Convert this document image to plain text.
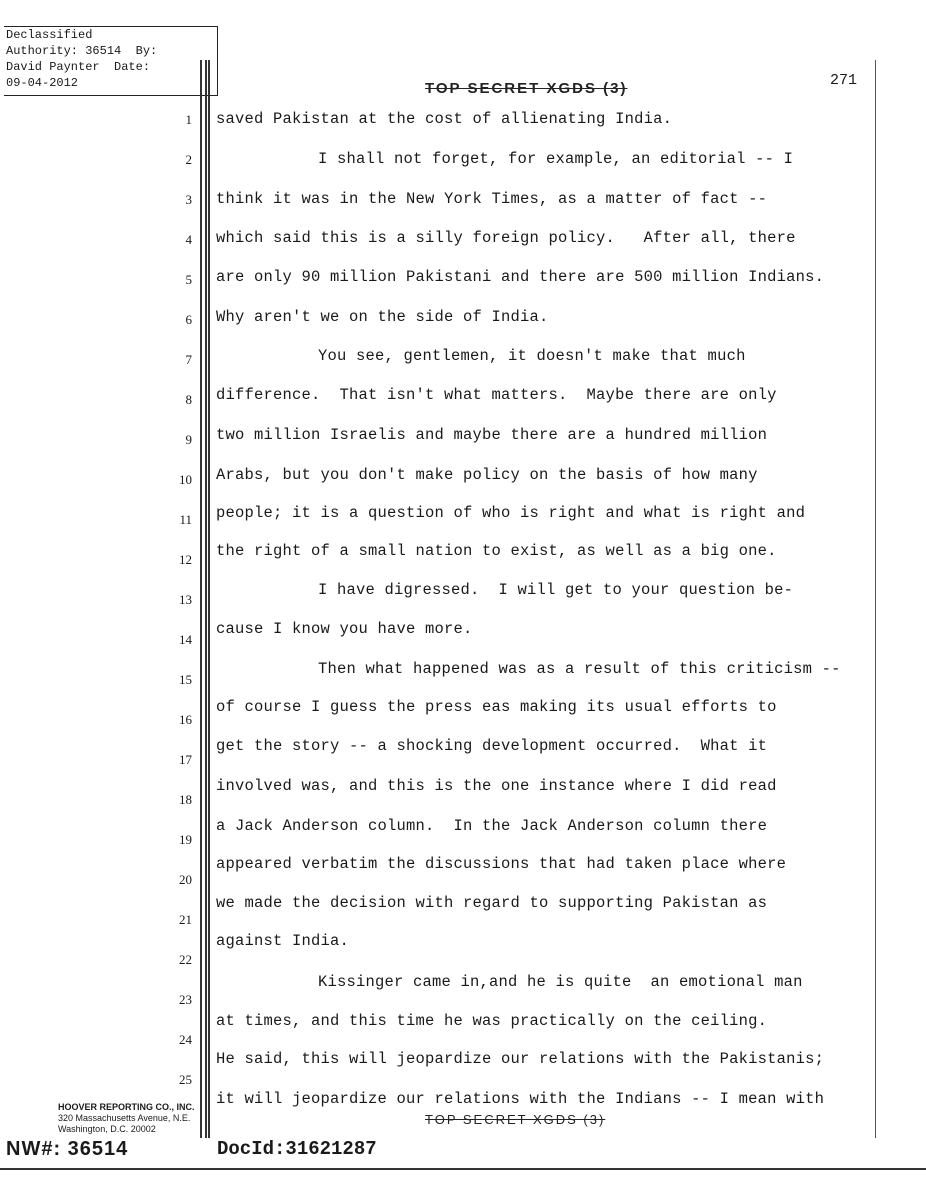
Declassified
Authority: 36514  By:
David Paynter  Date:
09-04-2012	TOP SECRET XGDS (3)	271
1
2
3
4
5
6
7
8
9
10
11
12
13
14
15
16
17
18
19
20
21
22
23
24
25
saved Pakistan at the cost of allienating India.
I shall not forget, for example, an editorial -- I
think it was in the New York Times, as a matter of fact --
which said this is a silly foreign policy.   After all, there
are only 90 million Pakistani and there are 500 million Indians.
Why aren't we on the side of India.
You see, gentlemen, it doesn't make that much
difference.  That isn't what matters.  Maybe there are only
two million Israelis and maybe there are a hundred million
Arabs, but you don't make policy on the basis of how many
people; it is a question of who is right and what is right and
the right of a small nation to exist, as well as a big one.
I have digressed.  I will get to your question be-
cause I know you have more.
Then what happened was as a result of this criticism --
of course I guess the press eas making its usual efforts to
get the story -- a shocking development occurred.  What it
involved was, and this is the one instance where I did read
a Jack Anderson column.  In the Jack Anderson column there
appeared verbatim the discussions that had taken place where
we made the decision with regard to supporting Pakistan as
against India.
Kissinger came in,and he is quite  an emotional man
at times, and this time he was practically on the ceiling.
He said, this will jeopardize our relations with the Pakistanis;
it will jeopardize our relations with the Indians -- I mean with
TOP SECRET XGDS (3)
HOOVER REPORTING CO., INC.
320 Massachusetts Avenue, N.E.
Washington, D.C. 20002
NW#: 36514	DocId:31621287
